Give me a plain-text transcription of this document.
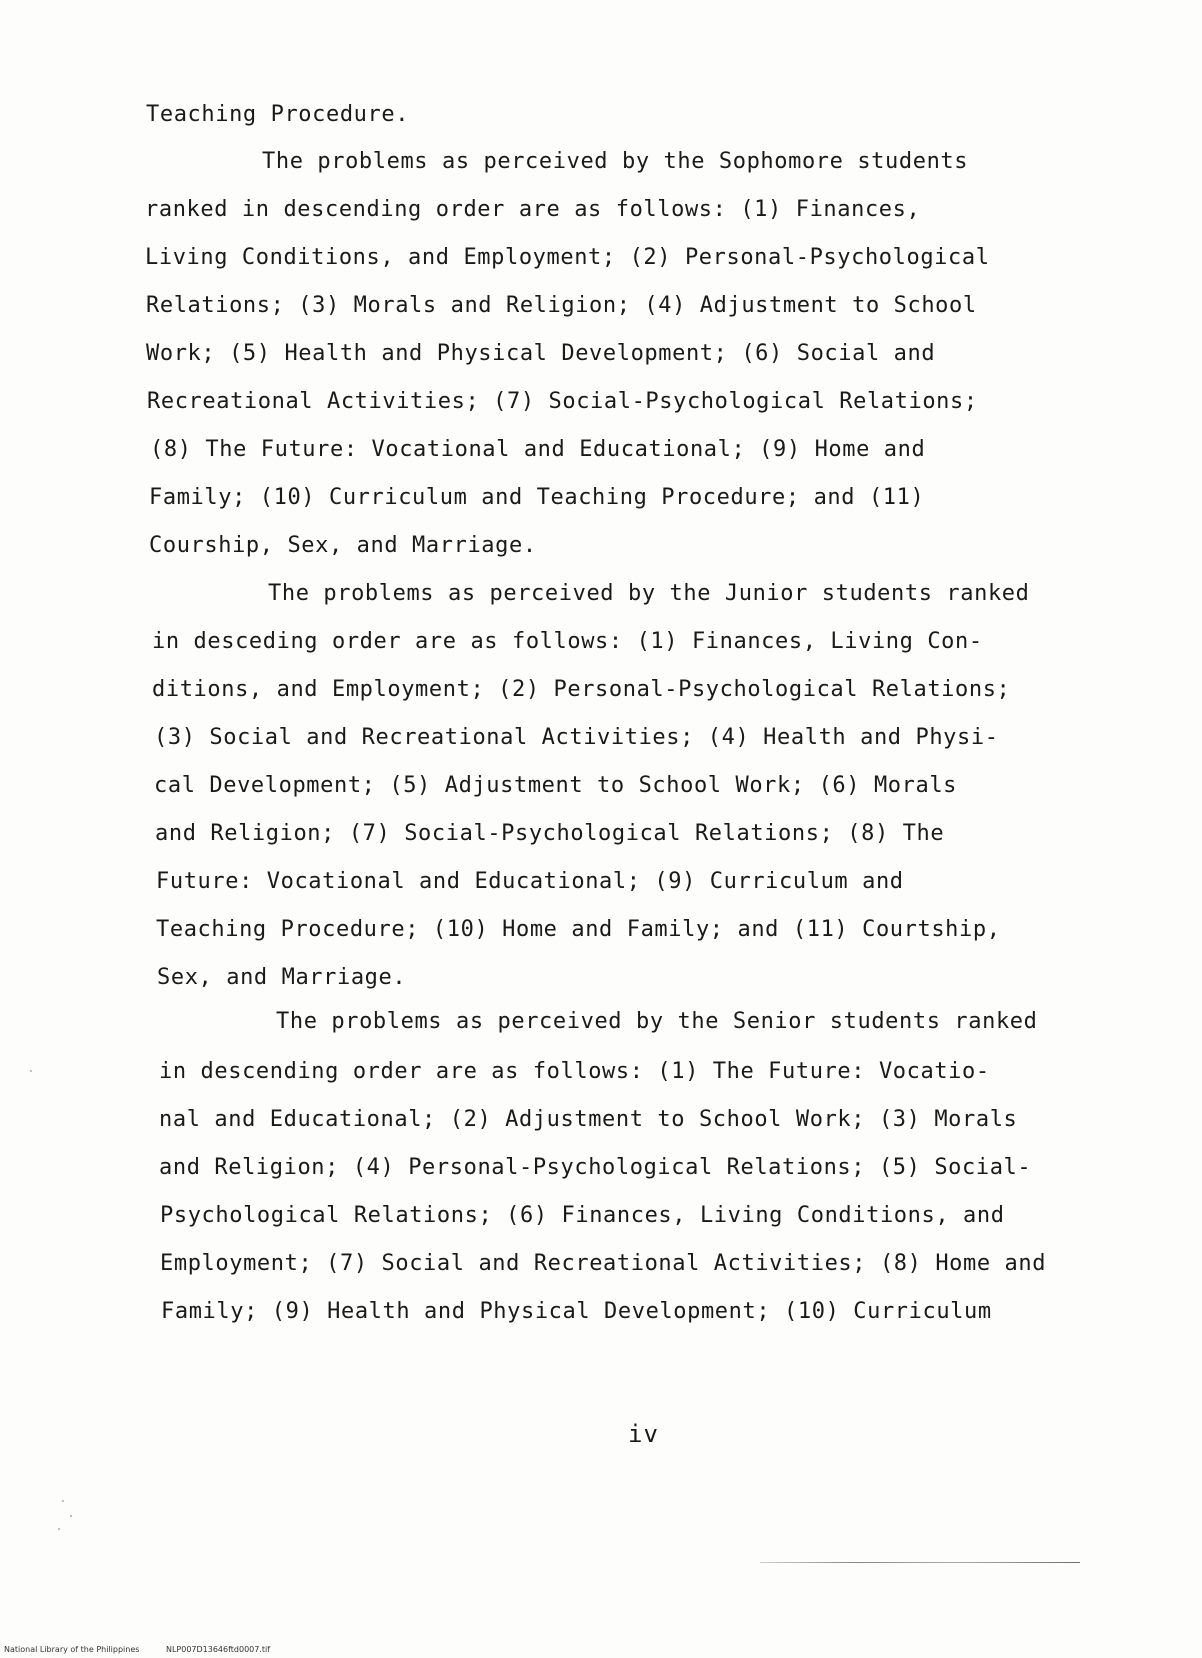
Teaching Procedure.
The problems as perceived by the Sophomore students
ranked in descending order are as follows: (1) Finances,
Living Conditions, and Employment; (2) Personal-Psychological
Relations; (3) Morals and Religion; (4) Adjustment to School
Work; (5) Health and Physical Development; (6) Social and
Recreational Activities; (7) Social-Psychological Relations;
(8) The Future: Vocational and Educational; (9) Home and
Family; (10) Curriculum and Teaching Procedure; and (11)
Courship, Sex, and Marriage.
The problems as perceived by the Junior students ranked
in desceding order are as follows: (1) Finances, Living Con-
ditions, and Employment; (2) Personal-Psychological Relations;
(3) Social and Recreational Activities; (4) Health and Physi-
cal Development; (5) Adjustment to School Work; (6) Morals
and Religion; (7) Social-Psychological Relations; (8) The
Future: Vocational and Educational; (9) Curriculum and
Teaching Procedure; (10) Home and Family; and (11) Courtship,
Sex, and Marriage.
The problems as perceived by the Senior students ranked
in descending order are as follows: (1) The Future: Vocatio-
nal and Educational; (2) Adjustment to School Work; (3) Morals
and Religion; (4) Personal-Psychological Relations; (5) Social-
Psychological Relations; (6) Finances, Living Conditions, and
Employment; (7) Social and Recreational Activities; (8) Home and
Family; (9) Health and Physical Development; (10) Curriculum
iv
National Library of the Philippines	NLP007D13646ftd0007.tif
